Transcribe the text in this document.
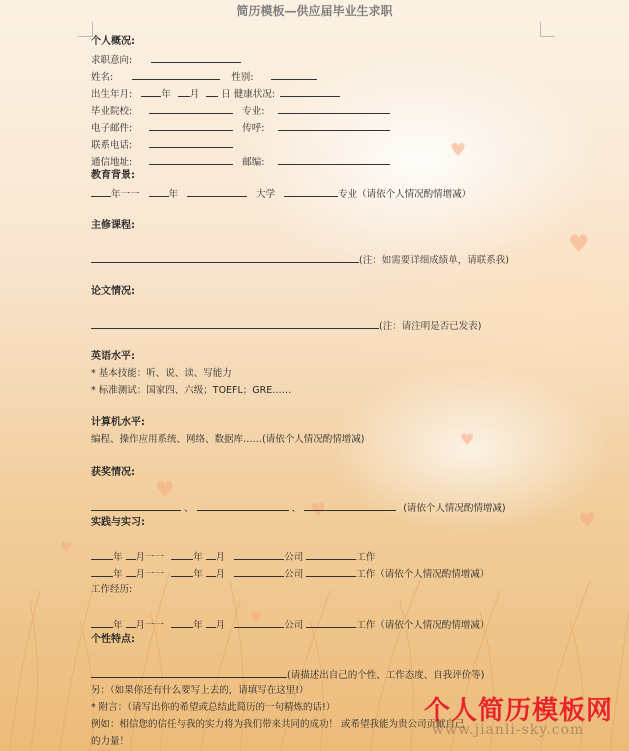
♥
♥
♥
♥	♥
♥
♥
♥
简历模板—供应届毕业生求职
个人概况:
求职意向:
姓名:	性别:
出生年月:	年 月 日 健康状况:
毕业院校:	专业:
电子邮件:	传呼:
联系电话:
通信地址:	邮编:
教育背景:
年一一	年	大学	专业（请依个人情况酌情增减）
主修课程:
(注：如需要详细成绩单，请联系我)
论文情况:
(注：请注明是否已发表)
英语水平:
* 基本技能：听、说、读、写能力
* 标准测试：国家四、六级；TOEFL；GRE……
计算机水平:
编程、操作应用系统、网络、数据库……(请依个人情况酌情增减)
获奖情况:
、	、	(请依个人情况酌情增减)
实践与实习:
年 月一一	年 月	公司	工作
年 月一一	年 月	公司	工作（请依个人情况酌情增减）
工作经历:
年 月一一	年 月	公司	工作（请依个人情况酌情增减）
个性特点:
(请描述出自己的个性、工作态度、自我评价等)
另：（如果你还有什么要写上去的，请填写在这里!）
* 附言：（请写出你的希望或总结此简历的一句精炼的话!）
例如：相信您的信任与我的实力将为我们带来共同的成功！ 或希望我能为贵公司贡献自己
的力量！
个人简历模板网
www.jianli-sky.com
